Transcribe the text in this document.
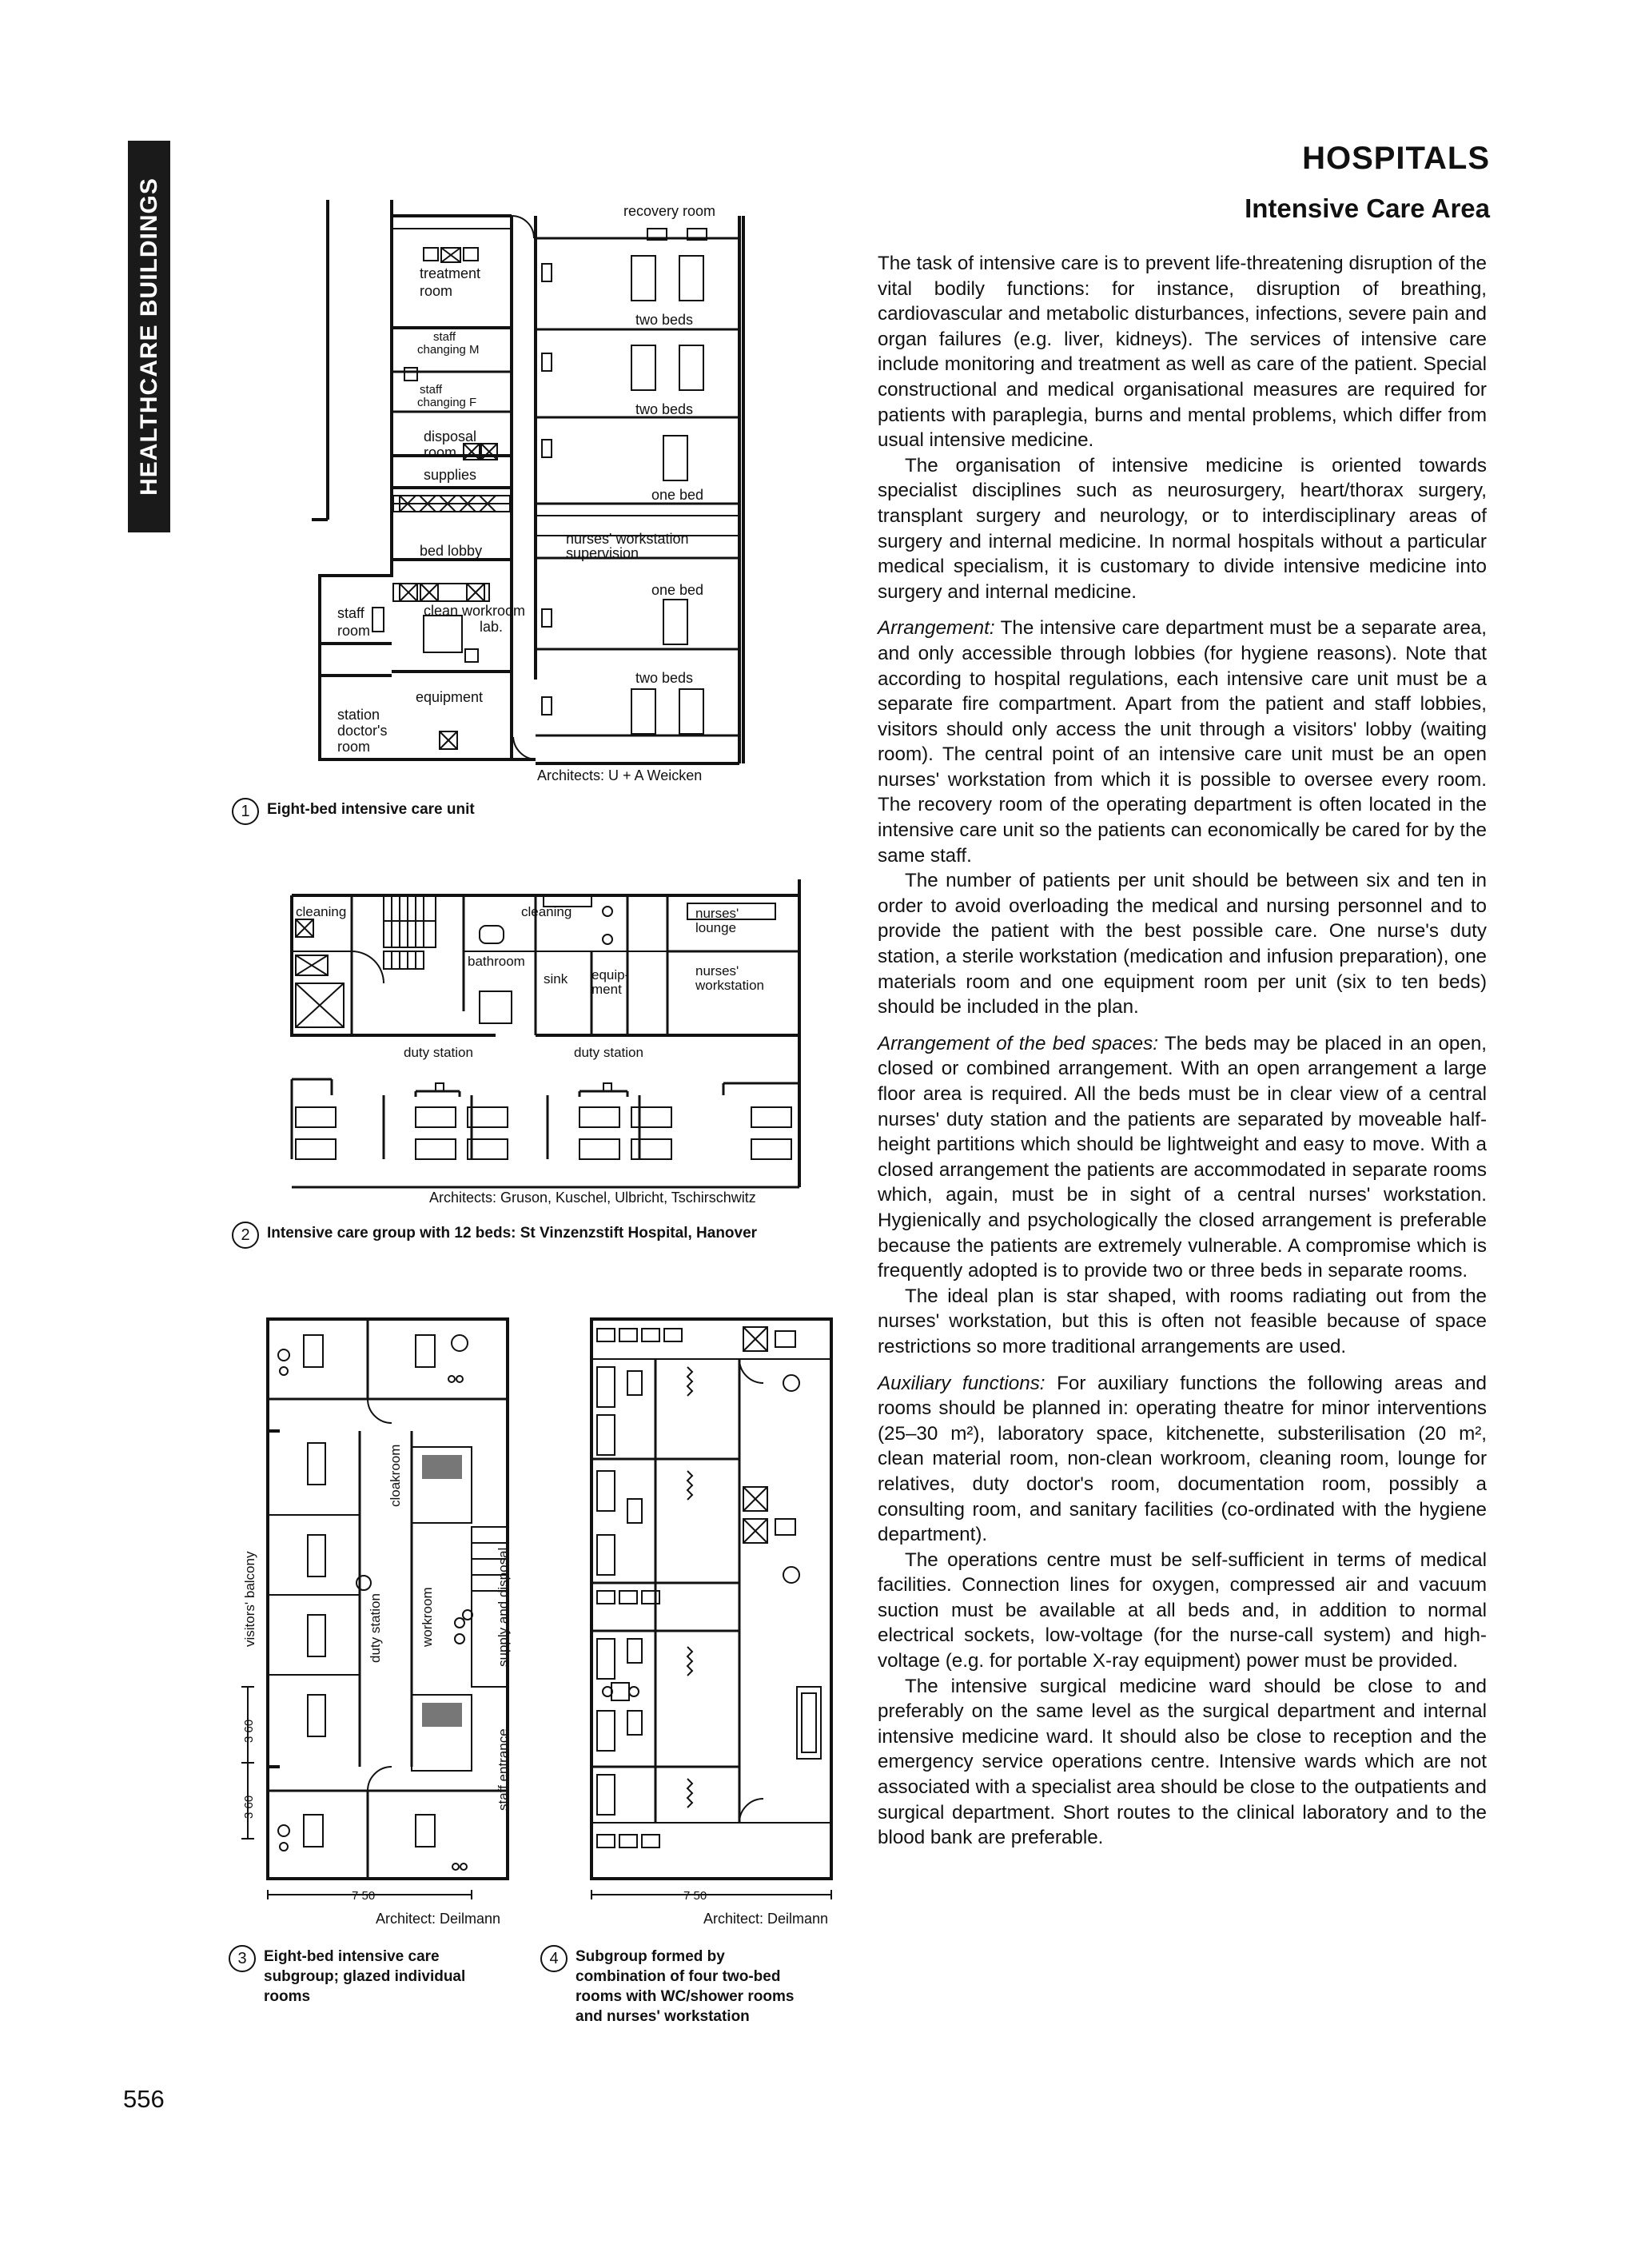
HEALTHCARE BUILDINGS
HOSPITALS
Intensive Care Area
recovery room
treatment
room
staff
changing M
staff
changing F
disposal
room
supplies
bed lobby
staff
room
clean workroom
lab.
equipment
station
doctor's
room
two beds
two beds
one bed
nurses' workstation
supervision
one bed
two beds
Architects: U + A Weicken
1	Eight-bed intensive care unit
cleaning	cleaning
bathroom
sink equip-
ment
nurses'
lounge
nurses'
workstation
duty station	duty station
Architects: Gruson, Kuschel, Ulbricht, Tschirschwitz
2	Intensive care group with 12 beds: St Vinzenzstift Hospital, Hanover
visitors' balcony
cloakroom
duty station	workroom	supply and disposal
staff entrance
3 60
3 60
7 50
Architect: Deilmann
3	Eight-bed intensive care
subgroup; glazed individual
rooms
7 50
Architect: Deilmann
4	Subgroup formed by
combination of four two-bed
rooms with WC/shower rooms
and nurses' workstation

The task of intensive care is to prevent life-threatening disruption of the vital bodily functions: for instance, disruption of breathing, cardiovascular and metabolic disturbances, infections, severe pain and organ failures (e.g. liver, kidneys). The services of intensive care include monitoring and treatment as well as care of the patient. Special constructional and medical organisational measures are required for patients with paraplegia, burns and mental problems, which differ from usual intensive medicine.

The organisation of intensive medicine is oriented towards specialist disciplines such as neurosurgery, heart/thorax surgery, transplant surgery and neurology, or to interdisciplinary areas of surgery and internal medicine. In normal hospitals without a particular medical specialism, it is customary to divide intensive medicine into surgery and internal medicine.

Arrangement: The intensive care department must be a separate area, and only accessible through lobbies (for hygiene reasons). Note that according to hospital regulations, each intensive care unit must be a separate fire compartment. Apart from the patient and staff lobbies, visitors should only access the unit through a visitors' lobby (waiting room). The central point of an intensive care unit must be an open nurses' workstation from which it is possible to oversee every room. The recovery room of the operating department is often located in the intensive care unit so the patients can economically be cared for by the same staff.

The number of patients per unit should be between six and ten in order to avoid overloading the medical and nursing personnel and to provide the patient with the best possible care. One nurse's duty station, a sterile workstation (medication and infusion preparation), one materials room and one equipment room per unit (six to ten beds) should be included in the plan.

Arrangement of the bed spaces: The beds may be placed in an open, closed or combined arrangement. With an open arrangement a large floor area is required. All the beds must be in clear view of a central nurses' duty station and the patients are separated by moveable half-height partitions which should be lightweight and easy to move. With a closed arrangement the patients are accommodated in separate rooms which, again, must be in sight of a central nurses' workstation. Hygienically and psychologically the closed arrangement is preferable because the patients are extremely vulnerable. A compromise which is frequently adopted is to provide two or three beds in separate rooms.

The ideal plan is star shaped, with rooms radiating out from the nurses' workstation, but this is often not feasible because of space restrictions so more traditional arrangements are used.

Auxiliary functions: For auxiliary functions the following areas and rooms should be planned in: operating theatre for minor interventions (25–30 m²), laboratory space, kitchenette, substerilisation (20 m², clean material room, non-clean workroom, cleaning room, lounge for relatives, duty doctor's room, documentation room, possibly a consulting room, and sanitary facilities (co-ordinated with the hygiene department).

The operations centre must be self-sufficient in terms of medical facilities. Connection lines for oxygen, compressed air and vacuum suction must be available at all beds and, in addition to normal electrical sockets, low-voltage (for the nurse-call system) and high-voltage (e.g. for portable X-ray equipment) power must be provided.

The intensive surgical medicine ward should be close to and preferably on the same level as the surgical department and internal intensive medicine ward. It should also be close to reception and the emergency service operations centre. Intensive wards which are not associated with a specialist area should be close to the outpatients and surgical department. Short routes to the clinical laboratory and to the blood bank are preferable.

556
